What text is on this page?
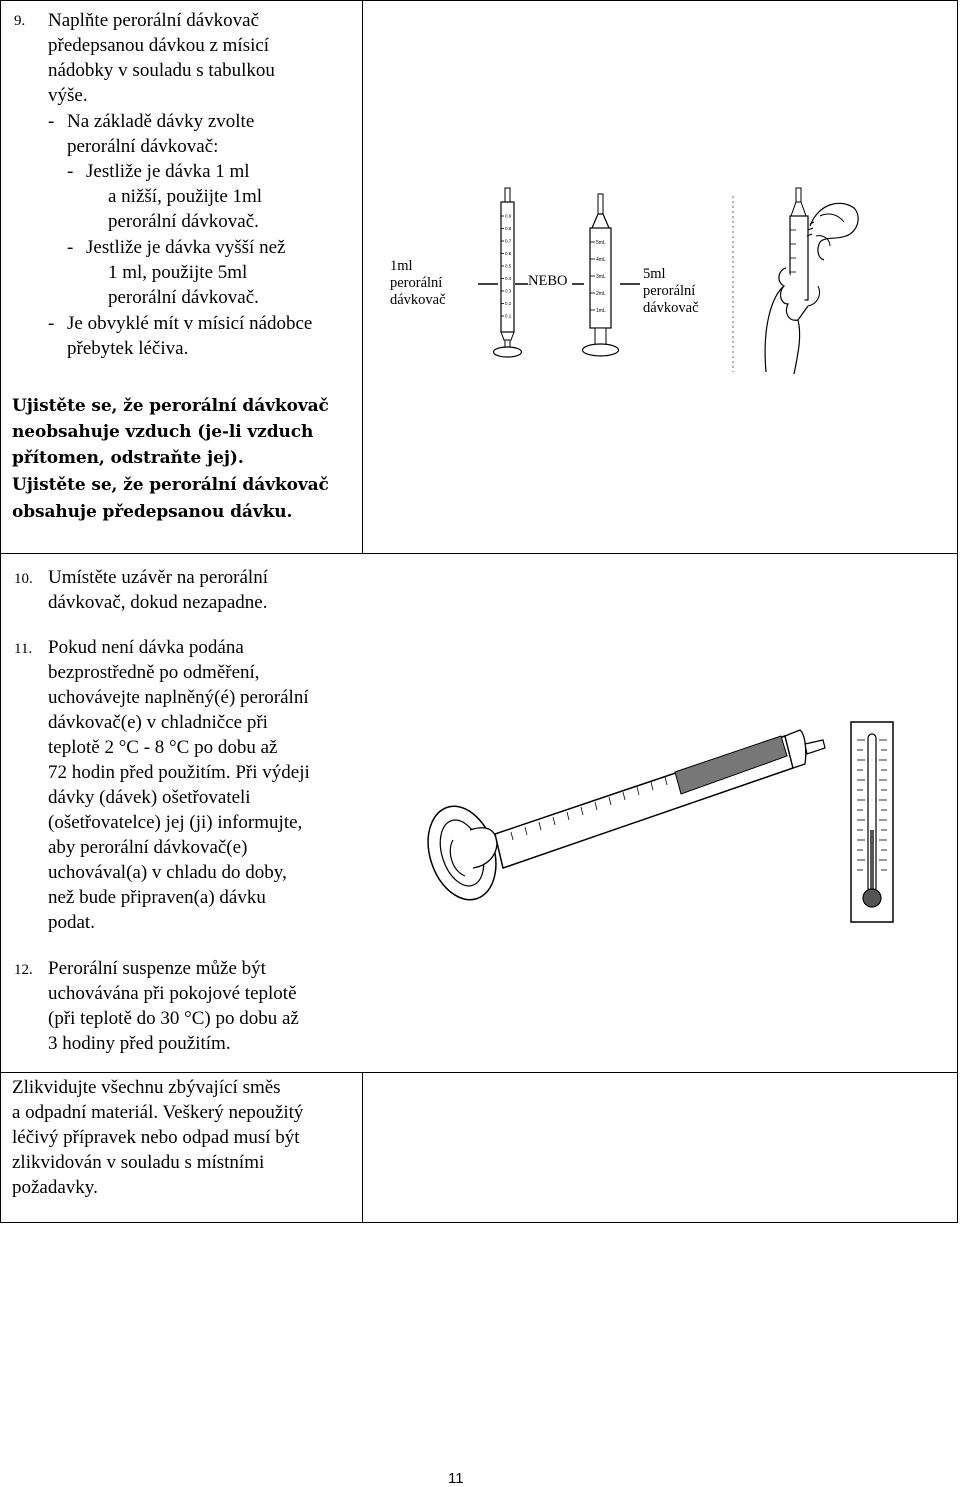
9. Naplňte perorální dávkovač
předepsanou dávkou z mísicí
nádobky v souladu s tabulkou
výše.
- Na základě dávky zvolte
perorální dávkovač:
- Jestliže je dávka 1 ml
a nižší, použijte 1ml
perorální dávkovač.
- Jestliže je dávka vyšší než
1 ml, použijte 5ml
perorální dávkovač.
- Je obvyklé mít v mísicí nádobce
přebytek léčiva.
1ml
perorální
dávkovač
NEBO	5ml
perorální
dávkovač
0.9
0.8
0.7
0.6
0.5
0.4
0.3
0.2
0.1
5mL
4mL
3mL
2mL
1mL
Ujistěte se, že perorální dávkovač
neobsahuje vzduch (je-li vzduch
přítomen, odstraňte jej).
Ujistěte se, že perorální dávkovač
obsahuje předepsanou dávku.
10. Umístěte uzávěr na perorální
dávkovač, dokud nezapadne.
11. Pokud není dávka podána
bezprostředně po odměření,
uchovávejte naplněný(é) perorální
dávkovač(e) v chladničce při
teplotě 2 °C - 8 °C po dobu až
72 hodin před použitím. Při výdeji
dávky (dávek) ošetřovateli
(ošetřovatelce) jej (ji) informujte,
aby perorální dávkovač(e)
uchovával(a) v chladu do doby,
než bude připraven(a) dávku
podat.
12. Perorální suspenze může být
uchovávána při pokojové teplotě
(při teplotě do 30 °C) po dobu až
3 hodiny před použitím.
Zlikvidujte všechnu zbývající směs
a odpadní materiál. Veškerý nepoužitý
léčivý přípravek nebo odpad musí být
zlikvidován v souladu s místními
požadavky.
11
